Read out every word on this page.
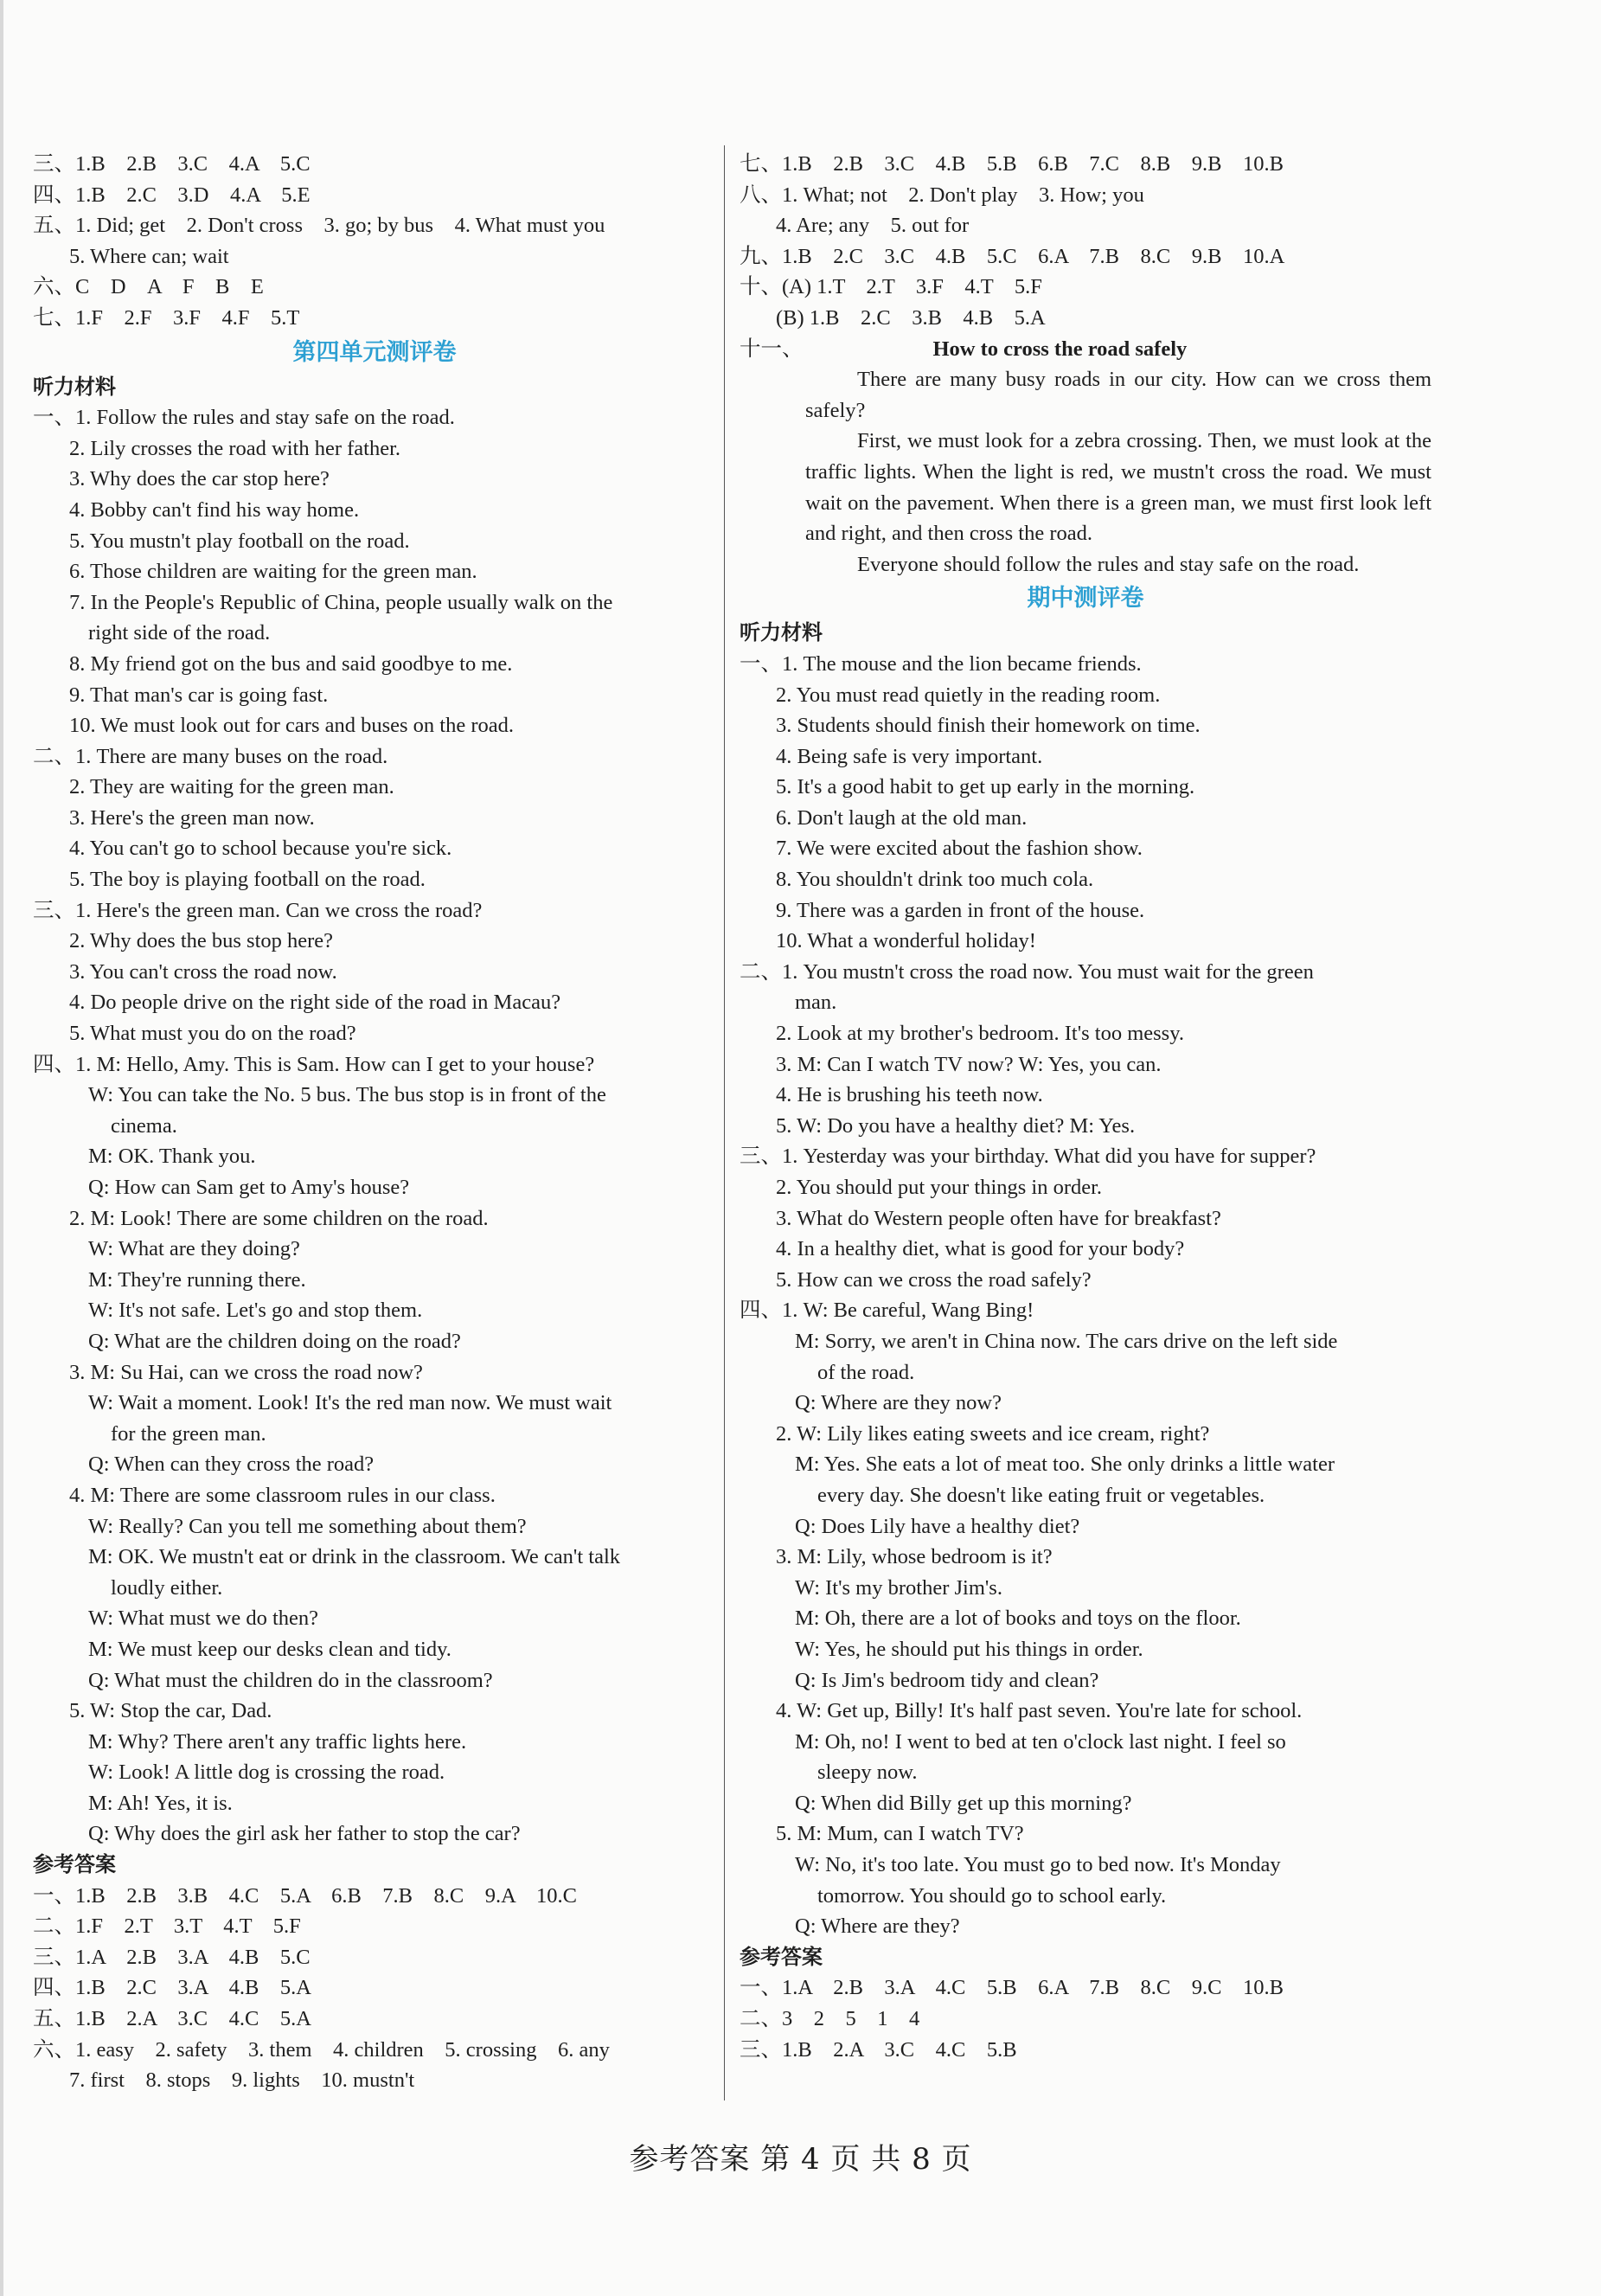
三、1.B　2.B　3.C　4.A　5.C
四、1.B　2.C　3.D　4.A　5.E
五、1. Did; get　2. Don't cross　3. go; by bus　4. What must you
5. Where can; wait
六、C　D　A　F　B　E
七、1.F　2.F　3.F　4.F　5.T
第四单元测评卷
听力材料
一、1. Follow the rules and stay safe on the road.
2. Lily crosses the road with her father.
3. Why does the car stop here?
4. Bobby can't find his way home.
5. You mustn't play football on the road.
6. Those children are waiting for the green man.
7. In the People's Republic of China, people usually walk on the
right side of the road.
8. My friend got on the bus and said goodbye to me.
9. That man's car is going fast.
10. We must look out for cars and buses on the road.
二、1. There are many buses on the road.
2. They are waiting for the green man.
3. Here's the green man now.
4. You can't go to school because you're sick.
5. The boy is playing football on the road.
三、1. Here's the green man. Can we cross the road?
2. Why does the bus stop here?
3. You can't cross the road now.
4. Do people drive on the right side of the road in Macau?
5. What must you do on the road?
四、1. M: Hello, Amy. This is Sam. How can I get to your house?
W: You can take the No. 5 bus. The bus stop is in front of the
cinema.
M: OK. Thank you.
Q: How can Sam get to Amy's house?
2. M: Look! There are some children on the road.
W: What are they doing?
M: They're running there.
W: It's not safe. Let's go and stop them.
Q: What are the children doing on the road?
3. M: Su Hai, can we cross the road now?
W: Wait a moment. Look! It's the red man now. We must wait
for the green man.
Q: When can they cross the road?
4. M: There are some classroom rules in our class.
W: Really? Can you tell me something about them?
M: OK. We mustn't eat or drink in the classroom. We can't talk
loudly either.
W: What must we do then?
M: We must keep our desks clean and tidy.
Q: What must the children do in the classroom?
5. W: Stop the car, Dad.
M: Why? There aren't any traffic lights here.
W: Look! A little dog is crossing the road.
M: Ah! Yes, it is.
Q: Why does the girl ask her father to stop the car?
参考答案
一、1.B　2.B　3.B　4.C　5.A　6.B　7.B　8.C　9.A　10.C
二、1.F　2.T　3.T　4.T　5.F
三、1.A　2.B　3.A　4.B　5.C
四、1.B　2.C　3.A　4.B　5.A
五、1.B　2.A　3.C　4.C　5.A
六、1. easy　2. safety　3. them　4. children　5. crossing　6. any
7. first　8. stops　9. lights　10. mustn't
七、1.B　2.B　3.C　4.B　5.B　6.B　7.C　8.B　9.B　10.B
八、1. What; not　2. Don't play　3. How; you
4. Are; any　5. out for
九、1.B　2.C　3.C　4.B　5.C　6.A　7.B　8.C　9.B　10.A
十、(A) 1.T　2.T　3.F　4.T　5.F
(B) 1.B　2.C　3.B　4.B　5.A
十一、	How to cross the road safely
There are many busy roads in our city. How can we cross them safely?
First, we must look for a zebra crossing. Then, we must look at the traffic lights. When the light is red, we mustn't cross the road. We must wait on the pavement. When there is a green man, we must first look left and right, and then cross the road.
Everyone should follow the rules and stay safe on the road.
期中测评卷
听力材料
一、1. The mouse and the lion became friends.
2. You must read quietly in the reading room.
3. Students should finish their homework on time.
4. Being safe is very important.
5. It's a good habit to get up early in the morning.
6. Don't laugh at the old man.
7. We were excited about the fashion show.
8. You shouldn't drink too much cola.
9. There was a garden in front of the house.
10. What a wonderful holiday!
二、1. You mustn't cross the road now. You must wait for the green
man.
2. Look at my brother's bedroom. It's too messy.
3. M: Can I watch TV now? W: Yes, you can.
4. He is brushing his teeth now.
5. W: Do you have a healthy diet? M: Yes.
三、1. Yesterday was your birthday. What did you have for supper?
2. You should put your things in order.
3. What do Western people often have for breakfast?
4. In a healthy diet, what is good for your body?
5. How can we cross the road safely?
四、1. W: Be careful, Wang Bing!
M: Sorry, we aren't in China now. The cars drive on the left side
of the road.
Q: Where are they now?
2. W: Lily likes eating sweets and ice cream, right?
M: Yes. She eats a lot of meat too. She only drinks a little water
every day. She doesn't like eating fruit or vegetables.
Q: Does Lily have a healthy diet?
3. M: Lily, whose bedroom is it?
W: It's my brother Jim's.
M: Oh, there are a lot of books and toys on the floor.
W: Yes, he should put his things in order.
Q: Is Jim's bedroom tidy and clean?
4. W: Get up, Billy! It's half past seven. You're late for school.
M: Oh, no! I went to bed at ten o'clock last night. I feel so
sleepy now.
Q: When did Billy get up this morning?
5. M: Mum, can I watch TV?
W: No, it's too late. You must go to bed now. It's Monday
tomorrow. You should go to school early.
Q: Where are they?
参考答案
一、1.A　2.B　3.A　4.C　5.B　6.A　7.B　8.C　9.C　10.B
二、3　2　5　1　4
三、1.B　2.A　3.C　4.C　5.B
参考答案 第 4 页 共 8 页
